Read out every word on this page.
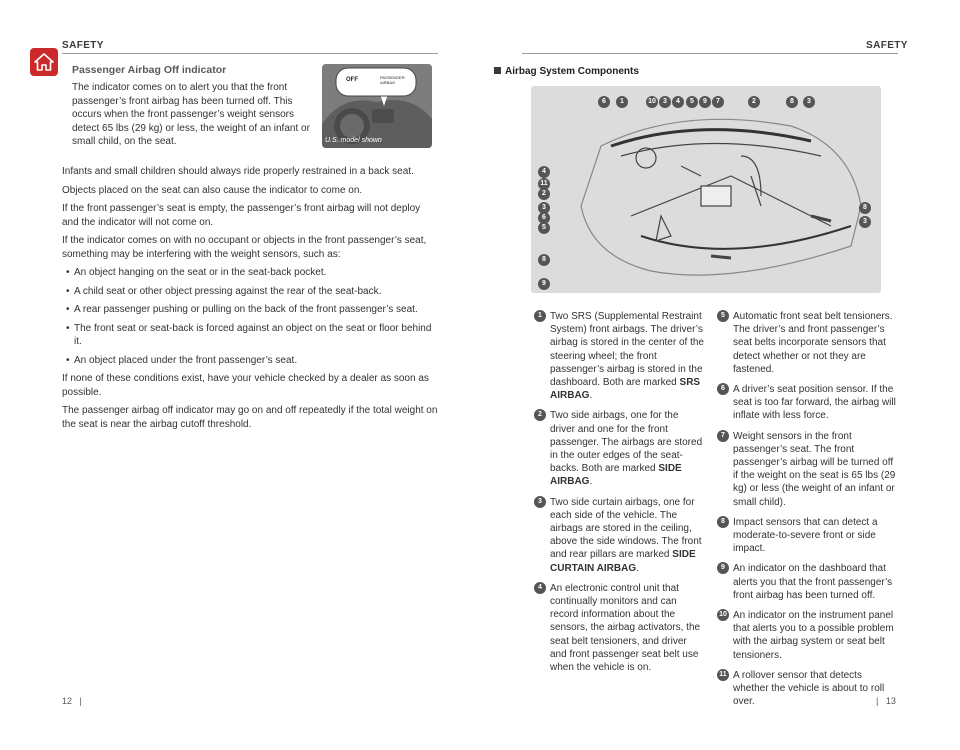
SAFETY	SAFETY
Passenger Airbag Off indicator
The indicator comes on to alert you that the front passenger’s front airbag has been turned off. This occurs when the front passenger’s weight sensors detect 65 lbs (29 kg) or less, the weight of an infant or small child, on the seat.
OFF	PASSENGER AIRBAG
U.S. model shown

Infants and small children should always ride properly restrained in a back seat.

Objects placed on the seat can also cause the indicator to come on.

If the front passenger’s seat is empty, the passenger’s front airbag will not deploy and the indicator will not come on.

If the indicator comes on with no occupant or objects in the front passenger’s seat, something may be interfering with the weight sensors, such as:

• An object hanging on the seat or in the seat-back pocket.

• A child seat or other object pressing against the rear of the seat-back.

• A rear passenger pushing or pulling on the back of the front passenger’s seat.

• The front seat or seat-back is forced against an object on the seat or floor behind it.

• An object placed under the front passenger’s seat.

If none of these conditions exist, have your vehicle checked by a dealer as soon as possible.

The passenger airbag off indicator may go on and off repeatedly if the total weight on the seat is near the airbag cutoff threshold.

Airbag System Components
6	1	10	3	4	5	9	7	2	8	3
4
11
2
3
6
5
8
9
8
3
1 Two SRS (Supplemental Restraint System) front airbags. The driver’s airbag is stored in the center of the steering wheel; the front passenger’s airbag is stored in the dashboard. Both are marked SRS AIRBAG.
2 Two side airbags, one for the driver and one for the front passenger. The airbags are stored in the outer edges of the seat-backs. Both are marked SIDE AIRBAG.
3 Two side curtain airbags, one for each side of the vehicle. The airbags are stored in the ceiling, above the side windows. The front and rear pillars are marked SIDE CURTAIN AIRBAG.
4 An electronic control unit that continually monitors and can record information about the sensors, the airbag activators, the seat belt tensioners, and driver and front passenger seat belt use when the vehicle is on.
5 Automatic front seat belt tensioners. The driver’s and front passenger’s seat belts incorporate sensors that detect whether or not they are fastened.
6 A driver’s seat position sensor. If the seat is too far forward, the airbag will inflate with less force.
7 Weight sensors in the front passenger’s seat. The front passenger’s airbag will be turned off if the weight on the seat is 65 lbs (29 kg) or less (the weight of an infant or small child).
8 Impact sensors that can detect a moderate-to-severe front or side impact.
9 An indicator on the dashboard that alerts you that the front passenger’s front airbag has been turned off.
10 An indicator on the instrument panel that alerts you to a possible problem with the airbag system or seat belt tensioners.
11 A rollover sensor that detects whether the vehicle is about to roll over.
12   |	|   13
